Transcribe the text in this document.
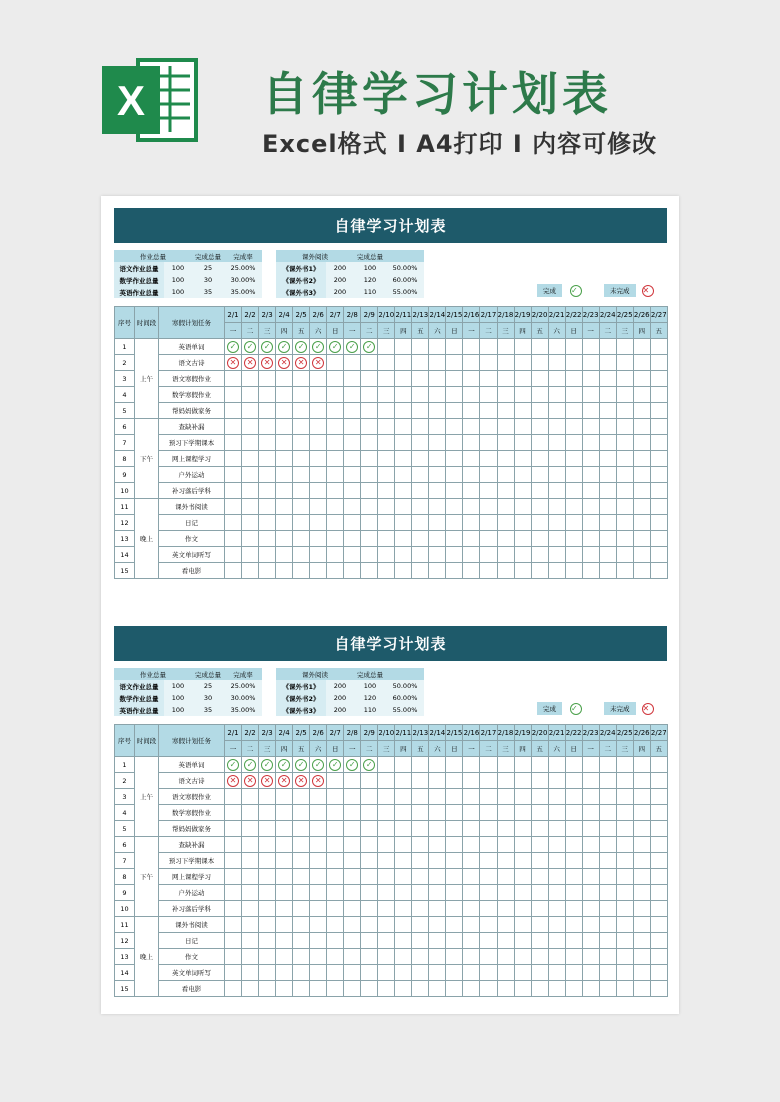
X	自律学习计划表
Excel格式 I A4打印 I 内容可修改
自律学习计划表
作业总量		完成总量	完成率
语文作业总量	100	25	25.00%
数学作业总量	100	30	30.00%
英语作业总量	100	35	35.00%
课外阅读		完成总量	
《课外书1》	200	100	50.00%
《课外书2》	200	120	60.00%
《课外书3》	200	110	55.00%	完成	✓	未完成	✕
序号	时间段	寒假计划任务	2/1	2/2	2/3	2/4	2/5	2/6	2/7	2/8	2/9	2/10	2/11	2/13	2/14	2/15	2/16	2/17	2/18	2/19	2/20	2/21	2/22	2/23	2/24	2/25	2/26	2/27
			一	二	三	四	五	六	日	一	二	三	四	五	六	日	一	二	三	四	五	六	日	一	二	三	四	五
1	上午	英语单词	✓	✓	✓	✓	✓	✓	✓	✓	✓																	
2		语文古诗	✕	✕	✕	✕	✕	✕																				
3		语文寒假作业																										
4		数学寒假作业																										
5		帮妈妈做家务																										
6	下午	查缺补漏																										
7		预习下学期课本																										
8		网上课程学习																										
9		户外运动																										
10		补习落后学科																										
11	晚上	课外书阅读																										
12		日记																										
13		作文																										
14		英文单词听写																										
15		看电影																										
自律学习计划表
作业总量		完成总量	完成率
语文作业总量	100	25	25.00%
数学作业总量	100	30	30.00%
英语作业总量	100	35	35.00%
课外阅读		完成总量	
《课外书1》	200	100	50.00%
《课外书2》	200	120	60.00%
《课外书3》	200	110	55.00%	完成	✓	未完成	✕
序号	时间段	寒假计划任务	2/1	2/2	2/3	2/4	2/5	2/6	2/7	2/8	2/9	2/10	2/11	2/13	2/14	2/15	2/16	2/17	2/18	2/19	2/20	2/21	2/22	2/23	2/24	2/25	2/26	2/27
			一	二	三	四	五	六	日	一	二	三	四	五	六	日	一	二	三	四	五	六	日	一	二	三	四	五
1	上午	英语单词	✓	✓	✓	✓	✓	✓	✓	✓	✓																	
2		语文古诗	✕	✕	✕	✕	✕	✕																				
3		语文寒假作业																										
4		数学寒假作业																										
5		帮妈妈做家务																										
6	下午	查缺补漏																										
7		预习下学期课本																										
8		网上课程学习																										
9		户外运动																										
10		补习落后学科																										
11	晚上	课外书阅读																										
12		日记																										
13		作文																										
14		英文单词听写																										
15		看电影																										
